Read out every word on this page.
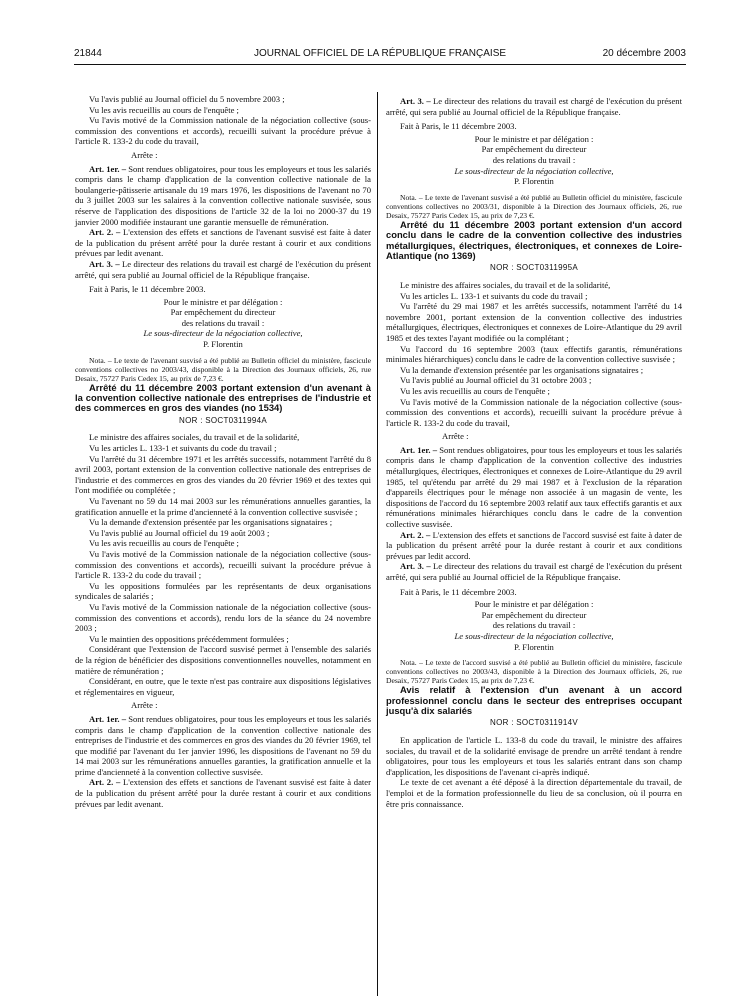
21844	JOURNAL OFFICIEL DE LA RÉPUBLIQUE FRANÇAISE	20 décembre 2003

Vu l'avis publié au Journal officiel du 5 novembre 2003 ;

Vu les avis recueillis au cours de l'enquête ;

Vu l'avis motivé de la Commission nationale de la négociation collective (sous-commission des conventions et accords), recueilli suivant la procédure prévue à l'article R. 133-2 du code du travail,

Arrête :

Art. 1er. – Sont rendues obligatoires, pour tous les employeurs et tous les salariés compris dans le champ d'application de la convention collective nationale de la boulangerie-pâtisserie artisanale du 19 mars 1976, les dispositions de l'avenant no 70 du 3 juillet 2003 sur les salaires à la convention collective nationale susvisée, sous réserve de l'application des dispositions de l'article 32 de la loi no 2000-37 du 19 janvier 2000 modifiée instaurant une garantie mensuelle de rémunération.

Art. 2. – L'extension des effets et sanctions de l'avenant susvisé est faite à dater de la publication du présent arrêté pour la durée restant à courir et aux conditions prévues par ledit avenant.

Art. 3. – Le directeur des relations du travail est chargé de l'exécution du présent arrêté, qui sera publié au Journal officiel de la République française.

Fait à Paris, le 11 décembre 2003.

Pour le ministre et par délégation :
Par empêchement du directeur
des relations du travail :
Le sous-directeur de la négociation collective,
P. Florentin

Nota. – Le texte de l'avenant susvisé a été publié au Bulletin officiel du ministère, fascicule conventions collectives no 2003/43, disponible à la Direction des Journaux officiels, 26, rue Desaix, 75727 Paris Cedex 15, au prix de 7,23 €.

Arrêté du 11 décembre 2003 portant extension d'un avenant à la convention collective nationale des entreprises de l'industrie et des commerces en gros des viandes (no 1534)

NOR : SOCT0311994A

Le ministre des affaires sociales, du travail et de la solidarité,

Vu les articles L. 133-1 et suivants du code du travail ;

Vu l'arrêté du 31 décembre 1971 et les arrêtés successifs, notamment l'arrêté du 8 avril 2003, portant extension de la convention collective nationale des entreprises de l'industrie et des commerces en gros des viandes du 20 février 1969 et des textes qui l'ont modifiée ou complétée ;

Vu l'avenant no 59 du 14 mai 2003 sur les rémunérations annuelles garanties, la gratification annuelle et la prime d'ancienneté à la convention collective susvisée ;

Vu la demande d'extension présentée par les organisations signataires ;

Vu l'avis publié au Journal officiel du 19 août 2003 ;

Vu les avis recueillis au cours de l'enquête ;

Vu l'avis motivé de la Commission nationale de la négociation collective (sous-commission des conventions et accords), recueilli suivant la procédure prévue à l'article R. 133-2 du code du travail ;

Vu les oppositions formulées par les représentants de deux organisations syndicales de salariés ;

Vu l'avis motivé de la Commission nationale de la négociation collective (sous-commission des conventions et accords), rendu lors de la séance du 24 novembre 2003 ;

Vu le maintien des oppositions précédemment formulées ;

Considérant que l'extension de l'accord susvisé permet à l'ensemble des salariés de la région de bénéficier des dispositions conventionnelles nouvelles, notamment en matière de rémunération ;

Considérant, en outre, que le texte n'est pas contraire aux dispositions législatives et réglementaires en vigueur,

Arrête :

Art. 1er. – Sont rendues obligatoires, pour tous les employeurs et tous les salariés compris dans le champ d'application de la convention collective nationale des entreprises de l'industrie et des commerces en gros des viandes du 20 février 1969, tel que modifié par l'avenant du 1er janvier 1996, les dispositions de l'avenant no 59 du 14 mai 2003 sur les rémunérations annuelles garanties, la gratification annuelle et la prime d'ancienneté à la convention collective susvisée.

Art. 2. – L'extension des effets et sanctions de l'avenant susvisé est faite à dater de la publication du présent arrêté pour la durée restant à courir et aux conditions prévues par ledit avenant.

Art. 3. – Le directeur des relations du travail est chargé de l'exécution du présent arrêté, qui sera publié au Journal officiel de la République française.

Fait à Paris, le 11 décembre 2003.

Pour le ministre et par délégation :
Par empêchement du directeur
des relations du travail :
Le sous-directeur de la négociation collective,
P. Florentin

Nota. – Le texte de l'avenant susvisé a été publié au Bulletin officiel du ministère, fascicule conventions collectives no 2003/31, disponible à la Direction des Journaux officiels, 26, rue Desaix, 75727 Paris Cedex 15, au prix de 7,23 €.

Arrêté du 11 décembre 2003 portant extension d'un accord conclu dans le cadre de la convention collective des industries métallurgiques, électriques, électroniques, et connexes de Loire-Atlantique (no 1369)

NOR : SOCT0311995A

Le ministre des affaires sociales, du travail et de la solidarité,

Vu les articles L. 133-1 et suivants du code du travail ;

Vu l'arrêté du 29 mai 1987 et les arrêtés successifs, notamment l'arrêté du 14 novembre 2001, portant extension de la convention collective des industries métallurgiques, électriques, électroniques et connexes de Loire-Atlantique du 29 avril 1985 et des textes l'ayant modifiée ou la complétant ;

Vu l'accord du 16 septembre 2003 (taux effectifs garantis, rémunérations minimales hiérarchiques) conclu dans le cadre de la convention collective susvisée ;

Vu la demande d'extension présentée par les organisations signataires ;

Vu l'avis publié au Journal officiel du 31 octobre 2003 ;

Vu les avis recueillis au cours de l'enquête ;

Vu l'avis motivé de la Commission nationale de la négociation collective (sous-commission des conventions et accords), recueilli suivant la procédure prévue à l'article R. 133-2 du code du travail,

Arrête :

Art. 1er. – Sont rendues obligatoires, pour tous les employeurs et tous les salariés compris dans le champ d'application de la convention collective des industries métallurgiques, électriques, électroniques et connexes de Loire-Atlantique du 29 avril 1985, tel qu'étendu par arrêté du 29 mai 1987 et à l'exclusion de la réparation d'appareils électriques pour le ménage non associée à un magasin de vente, les dispositions de l'accord du 16 septembre 2003 relatif aux taux effectifs garantis et aux rémunérations minimales hiérarchiques conclu dans le cadre de la convention collective susvisée.

Art. 2. – L'extension des effets et sanctions de l'accord susvisé est faite à dater de la publication du présent arrêté pour la durée restant à courir et aux conditions prévues par ledit accord.

Art. 3. – Le directeur des relations du travail est chargé de l'exécution du présent arrêté, qui sera publié au Journal officiel de la République française.

Fait à Paris, le 11 décembre 2003.

Pour le ministre et par délégation :
Par empêchement du directeur
des relations du travail :
Le sous-directeur de la négociation collective,
P. Florentin

Nota. – Le texte de l'accord susvisé a été publié au Bulletin officiel du ministère, fascicule conventions collectives no 2003/43, disponible à la Direction des Journaux officiels, 26, rue Desaix, 75727 Paris Cedex 15, au prix de 7,23 €.

Avis relatif à l'extension d'un avenant à un accord professionnel conclu dans le secteur des entreprises occupant jusqu'à dix salariés

NOR : SOCT0311914V

En application de l'article L. 133-8 du code du travail, le ministre des affaires sociales, du travail et de la solidarité envisage de prendre un arrêté tendant à rendre obligatoires, pour tous les employeurs et tous les salariés entrant dans son champ d'application, les dispositions de l'avenant ci-après indiqué.

Le texte de cet avenant a été déposé à la direction départementale du travail, de l'emploi et de la formation professionnelle du lieu de sa conclusion, où il pourra en être pris connaissance.
